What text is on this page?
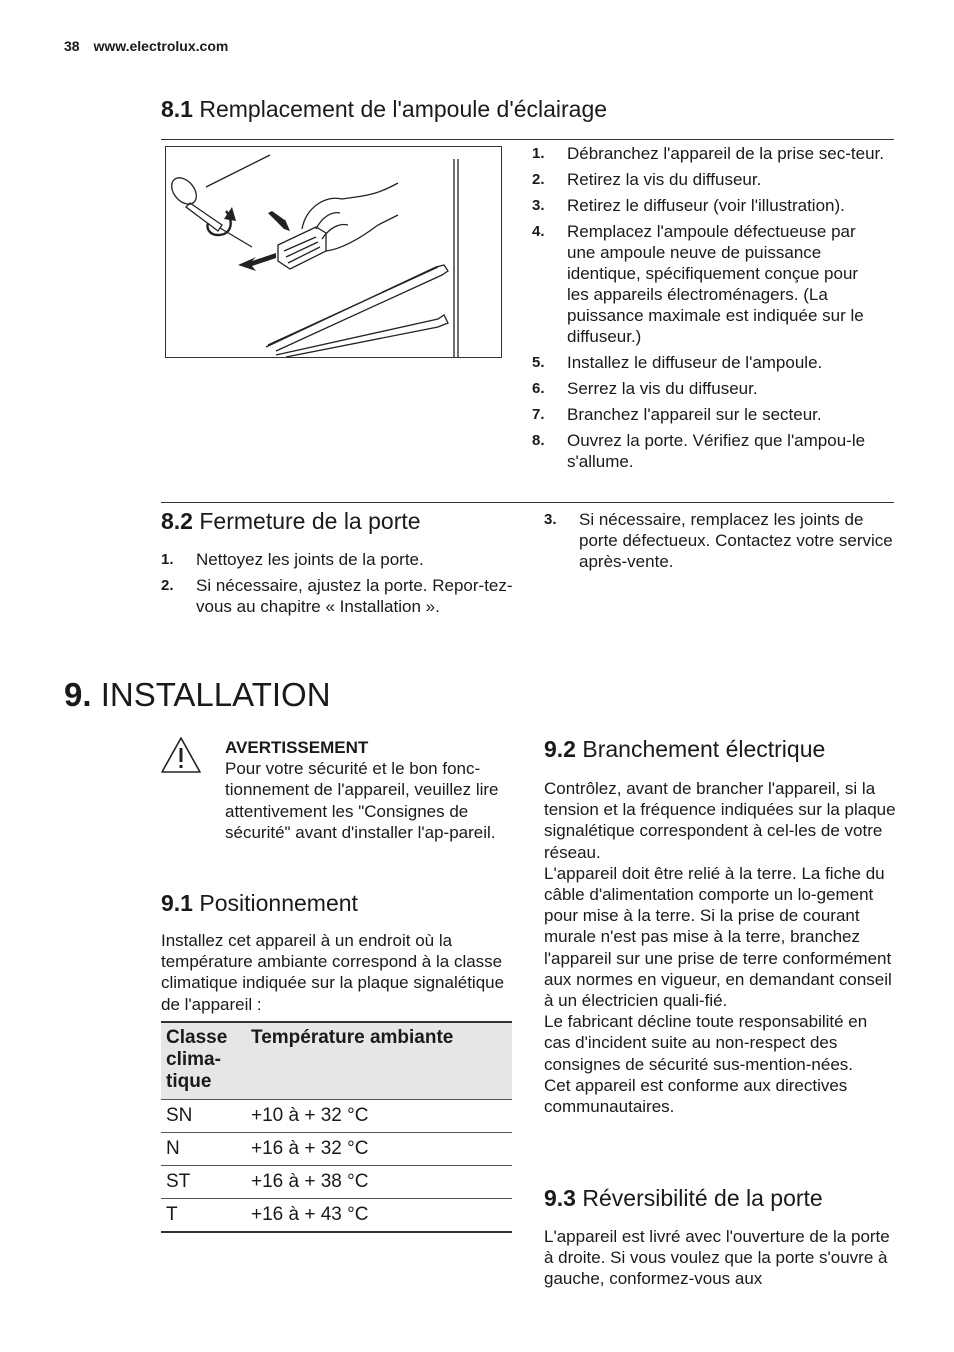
38 www.electrolux.com
8.1 Remplacement de l'ampoule d'éclairage
1. Débranchez l'appareil de la prise sec-teur.
2. Retirez la vis du diffuseur.
3. Retirez le diffuseur (voir l'illustration).
4. Remplacez l'ampoule défectueuse par une ampoule neuve de puissance identique, spécifiquement conçue pour les appareils électroménagers. (La puissance maximale est indiquée sur le diffuseur.)
5. Installez le diffuseur de l'ampoule.
6. Serrez la vis du diffuseur.
7. Branchez l'appareil sur le secteur.
8. Ouvrez la porte. Vérifiez que l'ampou-le s'allume.
8.2 Fermeture de la porte
1. Nettoyez les joints de la porte.
2. Si nécessaire, ajustez la porte. Repor-tez-vous au chapitre « Installation ».
3. Si nécessaire, remplacez les joints de porte défectueux. Contactez votre service après-vente.
9. INSTALLATION
AVERTISSEMENT
Pour votre sécurité et le bon fonc-tionnement de l'appareil, veuillez lire attentivement les "Consignes de sécurité" avant d'installer l'ap-pareil.
9.1 Positionnement
Installez cet appareil à un endroit où la température ambiante correspond à la classe climatique indiquée sur la plaque signalétique de l'appareil :
Classe clima-tique	Température ambiante
SN	+10 à + 32 °C
N	+16 à + 32 °C
ST	+16 à + 38 °C
T	+16 à + 43 °C
9.2 Branchement électrique
Contrôlez, avant de brancher l'appareil, si la tension et la fréquence indiquées sur la plaque signalétique correspondent à cel-les de votre réseau.
L'appareil doit être relié à la terre. La fiche du câble d'alimentation comporte un lo-gement pour mise à la terre. Si la prise de courant murale n'est pas mise à la terre, branchez l'appareil sur une prise de terre conformément aux normes en vigueur, en demandant conseil à un électricien quali-fié.
Le fabricant décline toute responsabilité en cas d'incident suite au non-respect des consignes de sécurité sus-mention-nées.
Cet appareil est conforme aux directives communautaires.
9.3 Réversibilité de la porte
L'appareil est livré avec l'ouverture de la porte à droite. Si vous voulez que la porte s'ouvre à gauche, conformez-vous aux
